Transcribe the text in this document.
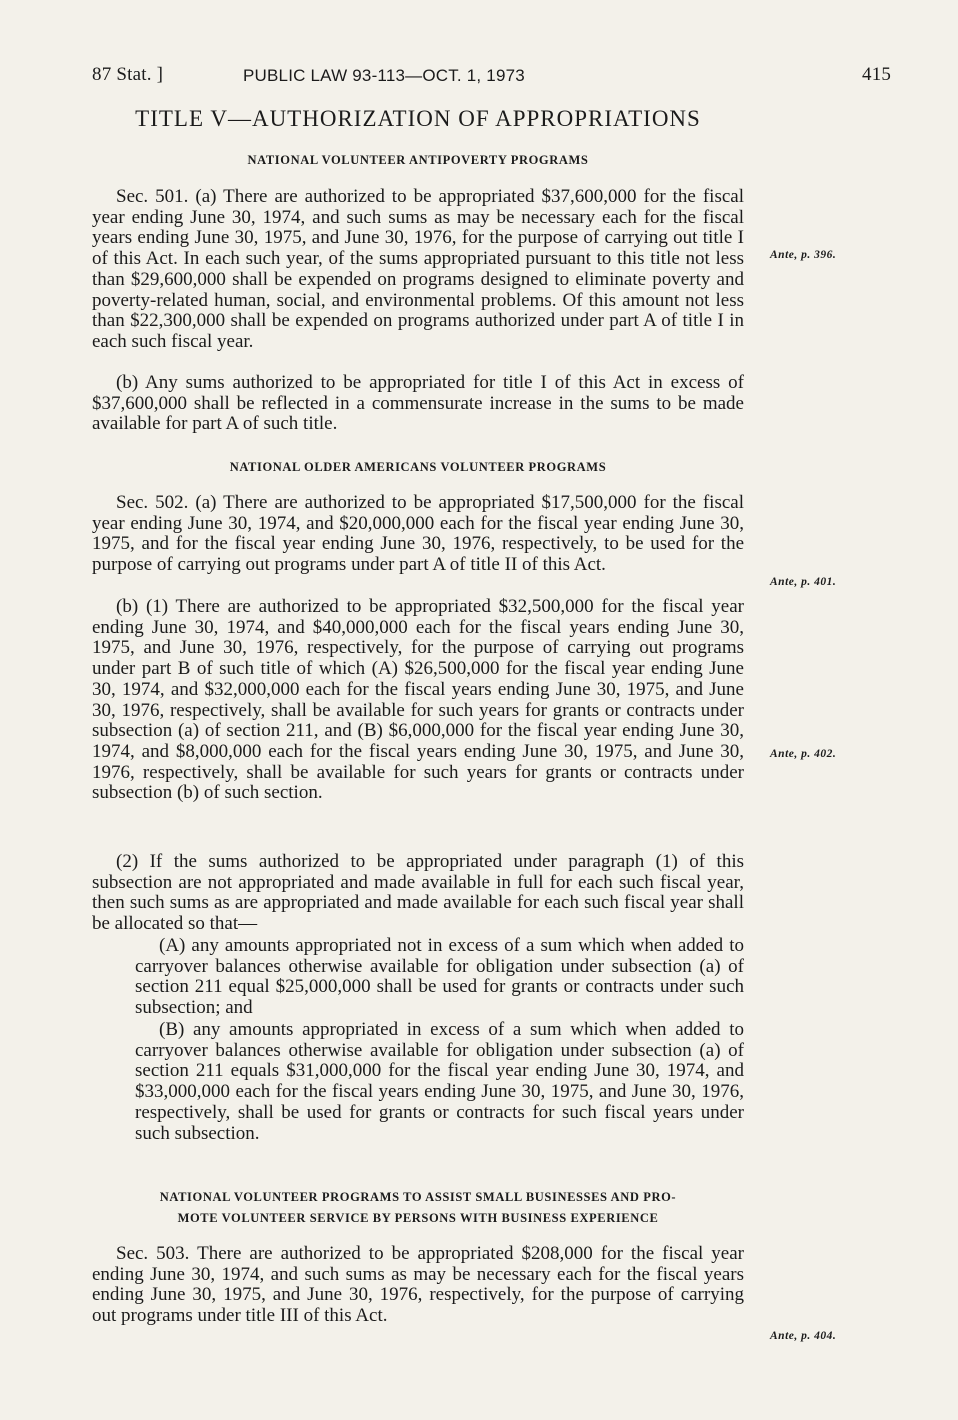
87 Stat. ]	PUBLIC LAW 93-113—OCT. 1, 1973	415
TITLE V—AUTHORIZATION OF APPROPRIATIONS
NATIONAL VOLUNTEER ANTIPOVERTY PROGRAMS

Sec. 501. (a) There are authorized to be appropriated $37,600,000 for the fiscal year ending June 30, 1974, and such sums as may be necessary each for the fiscal years ending June 30, 1975, and June 30, 1976, for the purpose of carrying out title I of this Act. In each such year, of the sums appropriated pursuant to this title not less than $29,600,000 shall be expended on programs designed to eliminate poverty and poverty-related human, social, and environmental problems. Of this amount not less than $22,300,000 shall be expended on programs authorized under part A of title I in each such fiscal year.

(b) Any sums authorized to be appropriated for title I of this Act in excess of $37,600,000 shall be reflected in a commensurate increase in the sums to be made available for part A of such title.

NATIONAL OLDER AMERICANS VOLUNTEER PROGRAMS

Sec. 502. (a) There are authorized to be appropriated $17,500,000 for the fiscal year ending June 30, 1974, and $20,000,000 each for the fiscal year ending June 30, 1975, and for the fiscal year ending June 30, 1976, respectively, to be used for the purpose of carrying out programs under part A of title II of this Act.

(b) (1) There are authorized to be appropriated $32,500,000 for the fiscal year ending June 30, 1974, and $40,000,000 each for the fiscal years ending June 30, 1975, and June 30, 1976, respectively, for the purpose of carrying out programs under part B of such title of which (A) $26,500,000 for the fiscal year ending June 30, 1974, and $32,000,000 each for the fiscal years ending June 30, 1975, and June 30, 1976, respectively, shall be available for such years for grants or contracts under subsection (a) of section 211, and (B) $6,000,000 for the fiscal year ending June 30, 1974, and $8,000,000 each for the fiscal years ending June 30, 1975, and June 30, 1976, respectively, shall be available for such years for grants or contracts under subsection (b) of such section.

(2) If the sums authorized to be appropriated under paragraph (1) of this subsection are not appropriated and made available in full for each such fiscal year, then such sums as are appropriated and made available for each such fiscal year shall be allocated so that—

(A) any amounts appropriated not in excess of a sum which when added to carryover balances otherwise available for obligation under subsection (a) of section 211 equal $25,000,000 shall be used for grants or contracts under such subsection; and

(B) any amounts appropriated in excess of a sum which when added to carryover balances otherwise available for obligation under subsection (a) of section 211 equals $31,000,000 for the fiscal year ending June 30, 1974, and $33,000,000 each for the fiscal years ending June 30, 1975, and June 30, 1976, respectively, shall be used for grants or contracts for such fiscal years under such subsection.

NATIONAL VOLUNTEER PROGRAMS TO ASSIST SMALL BUSINESSES AND PRO-
MOTE VOLUNTEER SERVICE BY PERSONS WITH BUSINESS EXPERIENCE

Sec. 503. There are authorized to be appropriated $208,000 for the fiscal year ending June 30, 1974, and such sums as may be necessary each for the fiscal years ending June 30, 1975, and June 30, 1976, respectively, for the purpose of carrying out programs under title III of this Act.

Ante, p. 396.
Ante, p. 401.
Ante, p. 402.
Ante, p. 404.
